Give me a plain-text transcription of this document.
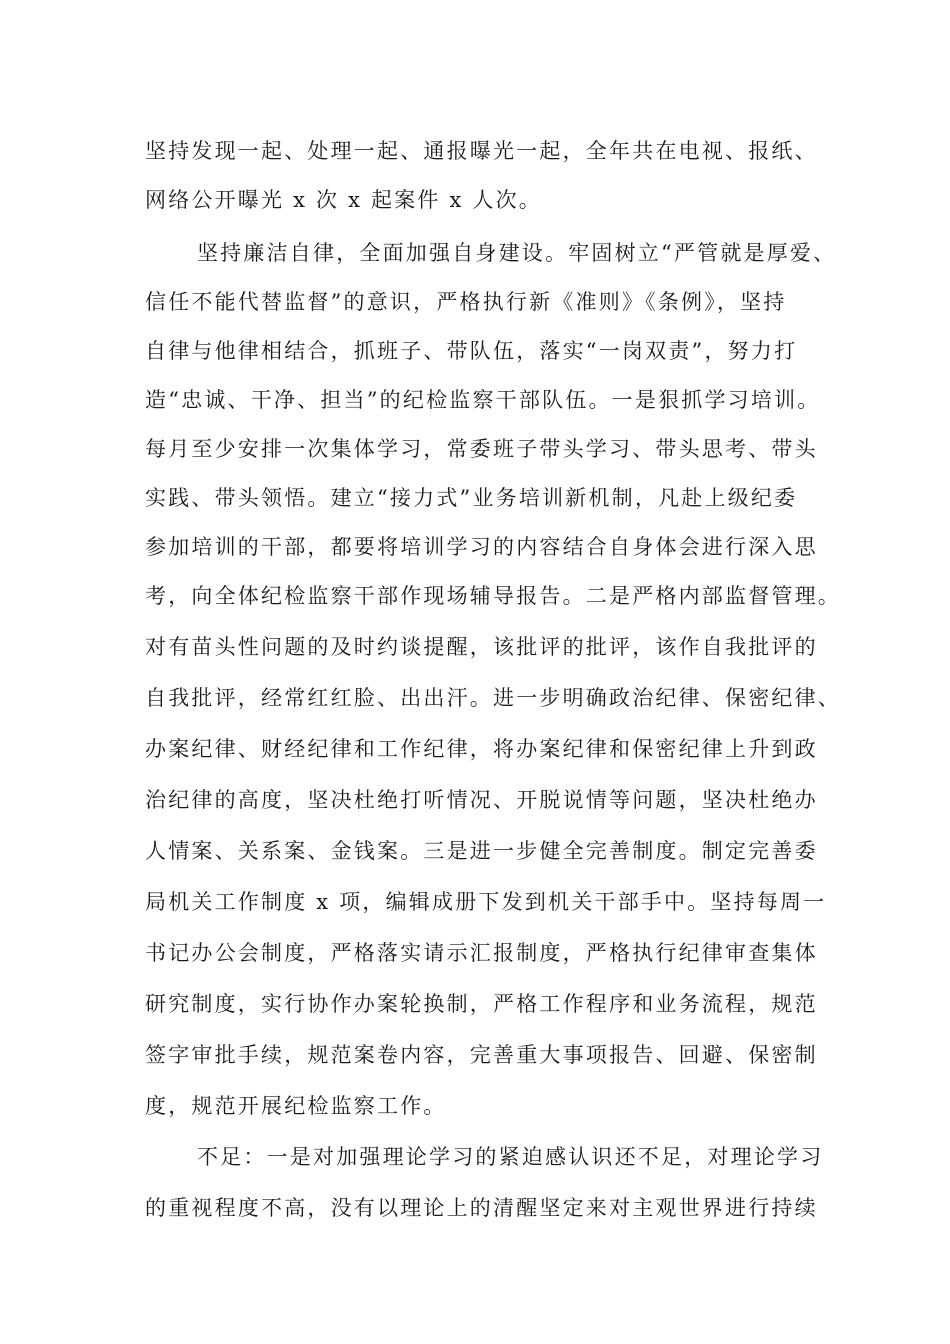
坚持发现一起、处理一起、通报曝光一起，全年共在电视、报纸、
网络公开曝光 x 次 x 起案件 x 人次。
坚持廉洁自律，全面加强自身建设。牢固树立“严管就是厚爱、
信任不能代替监督”的意识，严格执行新《准则》《条例》，坚持
自律与他律相结合，抓班子、带队伍，落实“一岗双责”，努力打
造“忠诚、干净、担当”的纪检监察干部队伍。一是狠抓学习培训。
每月至少安排一次集体学习，常委班子带头学习、带头思考、带头
实践、带头领悟。建立“接力式”业务培训新机制，凡赴上级纪委
参加培训的干部，都要将培训学习的内容结合自身体会进行深入思
考，向全体纪检监察干部作现场辅导报告。二是严格内部监督管理。
对有苗头性问题的及时约谈提醒，该批评的批评，该作自我批评的
自我批评，经常红红脸、出出汗。进一步明确政治纪律、保密纪律、
办案纪律、财经纪律和工作纪律，将办案纪律和保密纪律上升到政
治纪律的高度，坚决杜绝打听情况、开脱说情等问题，坚决杜绝办
人情案、关系案、金钱案。三是进一步健全完善制度。制定完善委
局机关工作制度 x 项，编辑成册下发到机关干部手中。坚持每周一
书记办公会制度，严格落实请示汇报制度，严格执行纪律审查集体
研究制度，实行协作办案轮换制，严格工作程序和业务流程，规范
签字审批手续，规范案卷内容，完善重大事项报告、回避、保密制
度，规范开展纪检监察工作。
不足：一是对加强理论学习的紧迫感认识还不足，对理论学习
的重视程度不高，没有以理论上的清醒坚定来对主观世界进行持续
